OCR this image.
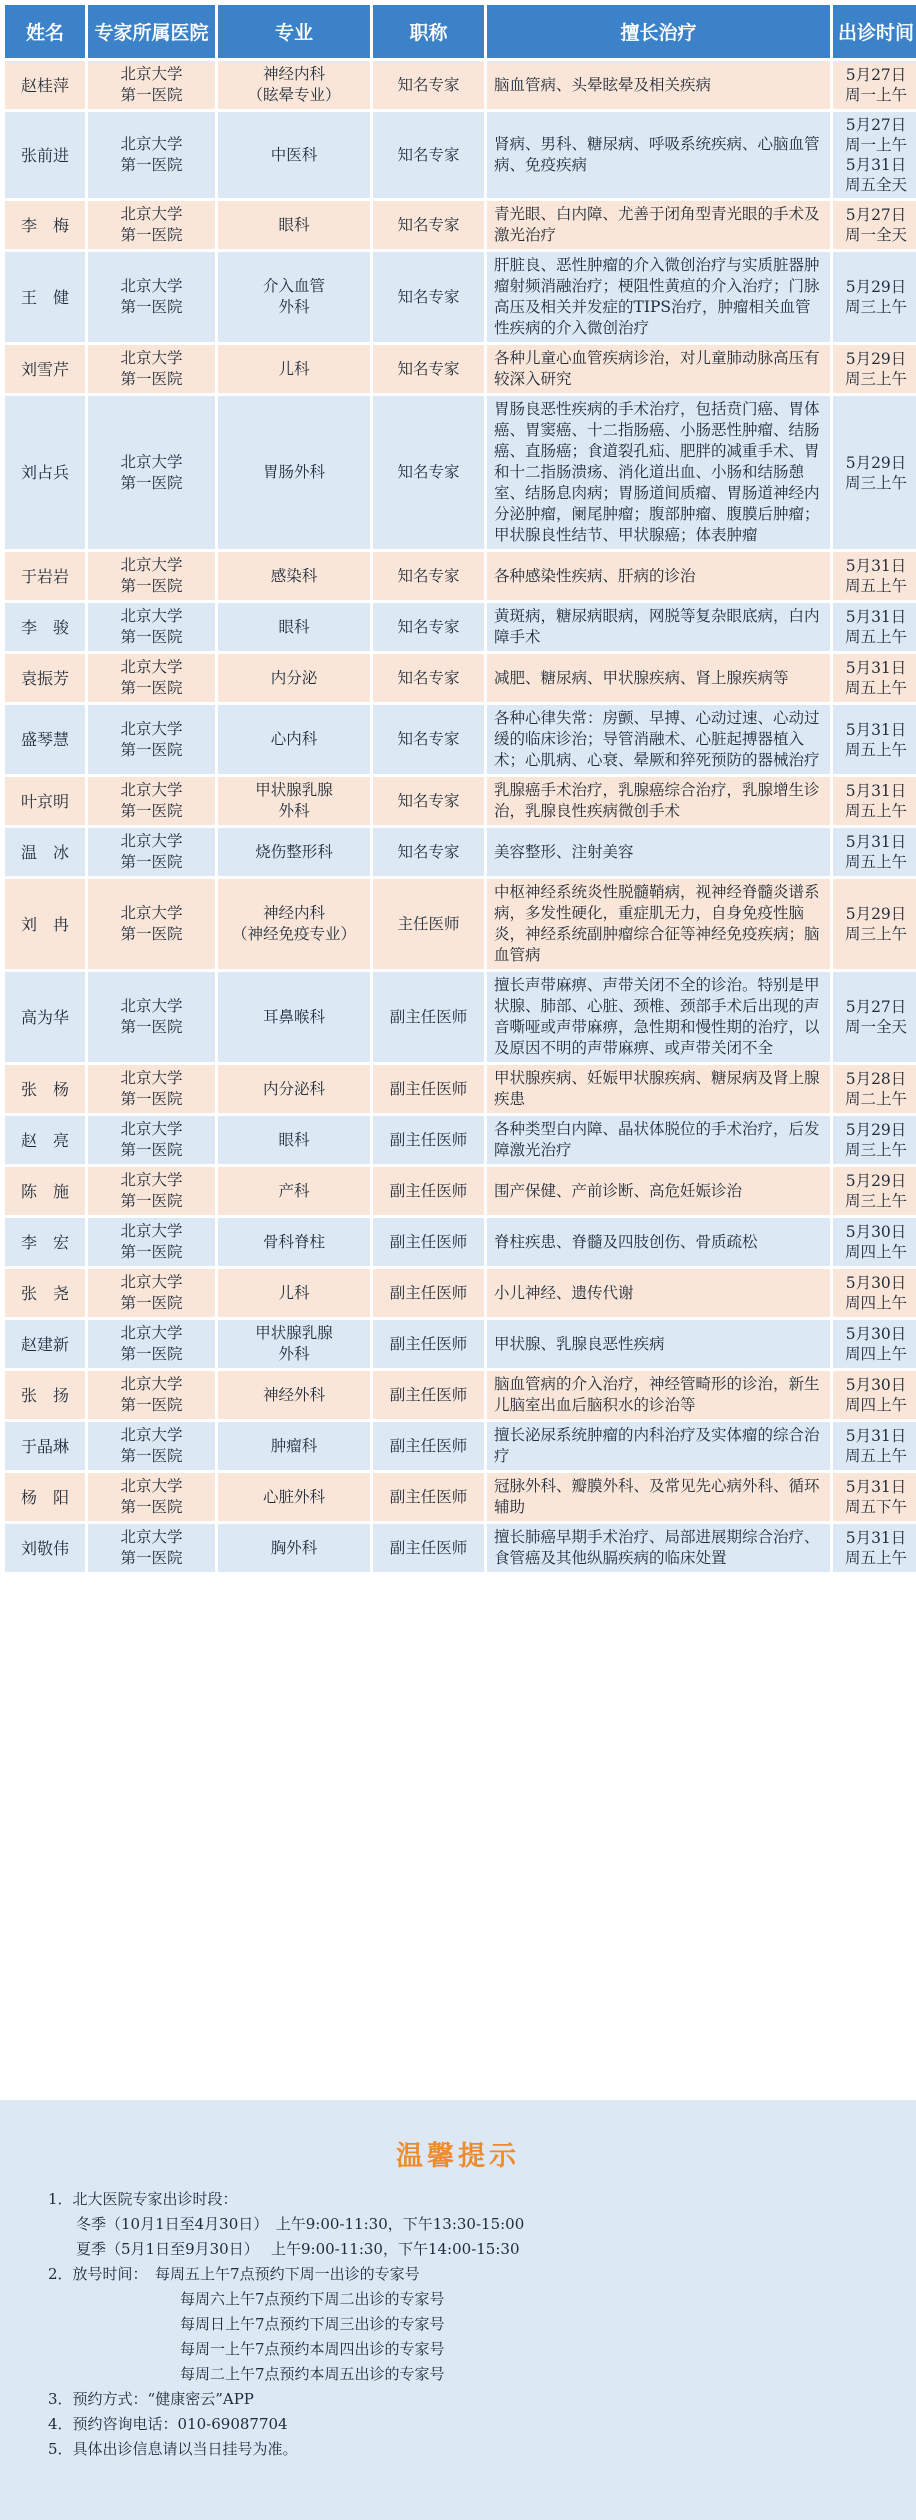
姓名	专家所属医院	专业	职称	擅长治疗	出诊时间
赵桂萍	北京大学
第一医院	神经内科
（眩晕专业）	知名专家	脑血管病、头晕眩晕及相关疾病	5月27日
周一上午

张前进	北京大学
第一医院	中医科	知名专家	肾病、男科、糖尿病、呼吸系统疾病、心脑血管病、免疫疾病	5月27日
周一上午
5月31日
周五全天

李　梅	北京大学
第一医院	眼科	知名专家	青光眼、白内障、尤善于闭角型青光眼的手术及激光治疗	5月27日
周一全天

王　健	北京大学
第一医院	介入血管
外科	知名专家	肝脏良、恶性肿瘤的介入微创治疗与实质脏器肿瘤射频消融治疗；梗阻性黄疸的介入治疗；门脉高压及相关并发症的TIPS治疗，肿瘤相关血管性疾病的介入微创治疗	5月29日
周三上午

刘雪芹	北京大学
第一医院	儿科	知名专家	各种儿童心血管疾病诊治，对儿童肺动脉高压有较深入研究	5月29日
周三上午

刘占兵	北京大学
第一医院	胃肠外科	知名专家	胃肠良恶性疾病的手术治疗，包括贲门癌、胃体癌、胃窦癌、十二指肠癌、小肠恶性肿瘤、结肠癌、直肠癌；食道裂孔疝、肥胖的减重手术、胃和十二指肠溃疡、消化道出血、小肠和结肠憩室、结肠息肉病；胃肠道间质瘤、胃肠道神经内分泌肿瘤，阑尾肿瘤；腹部肿瘤、腹膜后肿瘤；甲状腺良性结节、甲状腺癌；体表肿瘤	5月29日
周三上午

于岩岩	北京大学
第一医院	感染科	知名专家	各种感染性疾病、肝病的诊治	5月31日
周五上午

李　骏	北京大学
第一医院	眼科	知名专家	黄斑病，糖尿病眼病，网脱等复杂眼底病，白内障手术	5月31日
周五上午

袁振芳	北京大学
第一医院	内分泌	知名专家	减肥、糖尿病、甲状腺疾病、肾上腺疾病等	5月31日
周五上午

盛琴慧	北京大学
第一医院	心内科	知名专家	各种心律失常：房颤、早搏、心动过速、心动过缓的临床诊治；导管消融术、心脏起搏器植入术；心肌病、心衰、晕厥和猝死预防的器械治疗	5月31日
周五上午

叶京明	北京大学
第一医院	甲状腺乳腺
外科	知名专家	乳腺癌手术治疗，乳腺癌综合治疗，乳腺增生诊治，乳腺良性疾病微创手术	5月31日
周五上午

温　冰	北京大学
第一医院	烧伤整形科	知名专家	美容整形、注射美容	5月31日
周五上午

刘　冉	北京大学
第一医院	神经内科
（神经免疫专业）	主任医师	中枢神经系统炎性脱髓鞘病，视神经脊髓炎谱系病，多发性硬化，重症肌无力，自身免疫性脑炎，神经系统副肿瘤综合征等神经免疫疾病；脑血管病	5月29日
周三上午

高为华	北京大学
第一医院	耳鼻喉科	副主任医师	擅长声带麻痹、声带关闭不全的诊治。特别是甲状腺、肺部、心脏、颈椎、颈部手术后出现的声音嘶哑或声带麻痹，急性期和慢性期的治疗，以及原因不明的声带麻痹、或声带关闭不全	5月27日
周一全天

张　杨	北京大学
第一医院	内分泌科	副主任医师	甲状腺疾病、妊娠甲状腺疾病、糖尿病及肾上腺疾患	5月28日
周二上午

赵　亮	北京大学
第一医院	眼科	副主任医师	各种类型白内障、晶状体脱位的手术治疗，后发障激光治疗	5月29日
周三上午

陈　施	北京大学
第一医院	产科	副主任医师	围产保健、产前诊断、高危妊娠诊治	5月29日
周三上午

李　宏	北京大学
第一医院	骨科脊柱	副主任医师	脊柱疾患、脊髓及四肢创伤、骨质疏松	5月30日
周四上午

张　尧	北京大学
第一医院	儿科	副主任医师	小儿神经、遗传代谢	5月30日
周四上午

赵建新	北京大学
第一医院	甲状腺乳腺
外科	副主任医师	甲状腺、乳腺良恶性疾病	5月30日
周四上午

张　扬	北京大学
第一医院	神经外科	副主任医师	脑血管病的介入治疗，神经管畸形的诊治，新生儿脑室出血后脑积水的诊治等	5月30日
周四上午

于晶琳	北京大学
第一医院	肿瘤科	副主任医师	擅长泌尿系统肿瘤的内科治疗及实体瘤的综合治疗	5月31日
周五上午

杨　阳	北京大学
第一医院	心脏外科	副主任医师	冠脉外科、瓣膜外科、及常见先心病外科、循环辅助	5月31日
周五下午

刘敬伟	北京大学
第一医院	胸外科	副主任医师	擅长肺癌早期手术治疗、局部进展期综合治疗、食管癌及其他纵膈疾病的临床处置	5月31日
周五上午
温馨提示
1．北大医院专家出诊时段：
冬季（10月1日至4月30日）　上午9:00-11:30，下午13:30-15:00
夏季（5月1日至9月30日）　 上午9:00-11:30，下午14:00-15:30
2．放号时间：　每周五上午7点预约下周一出诊的专家号
每周六上午7点预约下周二出诊的专家号
每周日上午7点预约下周三出诊的专家号
每周一上午7点预约本周四出诊的专家号
每周二上午7点预约本周五出诊的专家号
3．预约方式：“健康密云”APP
4．预约咨询电话：010-69087704
5．具体出诊信息请以当日挂号为准。
